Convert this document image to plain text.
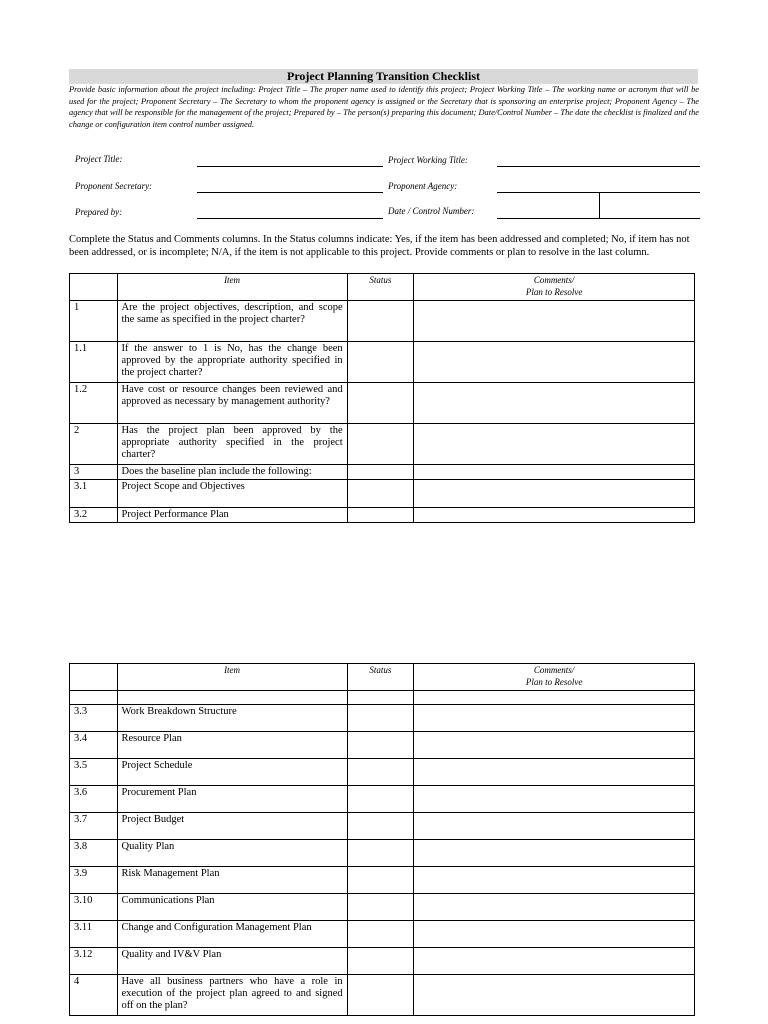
Project Planning Transition Checklist
Provide basic information about the project including: Project Title – The proper name used to identify this project; Project Working Title – The working name or acronym that will be used for the project; Proponent Secretary – The Secretary to whom the proponent agency is assigned or the Secretary that is sponsoring an enterprise project; Proponent Agency – The agency that will be responsible for the management of the project; Prepared by – The person(s) preparing this document; Date/Control Number – The date the checklist is finalized and the change or configuration item control number assigned.
Project Title:	Project Working Title:
Proponent Secretary:	Proponent Agency:
Prepared by:	Date / Control Number:
Complete the Status and Comments columns. In the Status columns indicate: Yes, if the item has been addressed and completed; No, if item has not been addressed, or is incomplete; N/A, if the item is not applicable to this project. Provide comments or plan to resolve in the last column.
	Item	Status	Comments/
Plan to Resolve
1	Are the project objectives, description, and scope the same as specified in the project charter?		
1.1	If the answer to 1 is No, has the change been approved by the appropriate authority specified in the project charter?		
1.2	Have cost or resource changes been reviewed and approved as necessary by management authority?		
2	Has the project plan been approved by the appropriate authority specified in the project charter?		
3	Does the baseline plan include the following:		
3.1	Project Scope and Objectives		
3.2	Project Performance Plan		
	Item	Status	Comments/
Plan to Resolve

3.3	Work Breakdown Structure		
3.4	Resource Plan		
3.5	Project Schedule		
3.6	Procurement Plan		
3.7	Project Budget		
3.8	Quality Plan		
3.9	Risk Management Plan		
3.10	Communications Plan		
3.11	Change and Configuration Management Plan		
3.12	Quality and IV&V Plan		
4	Have all business partners who have a role in execution of the project plan agreed to and signed off on the plan?		
